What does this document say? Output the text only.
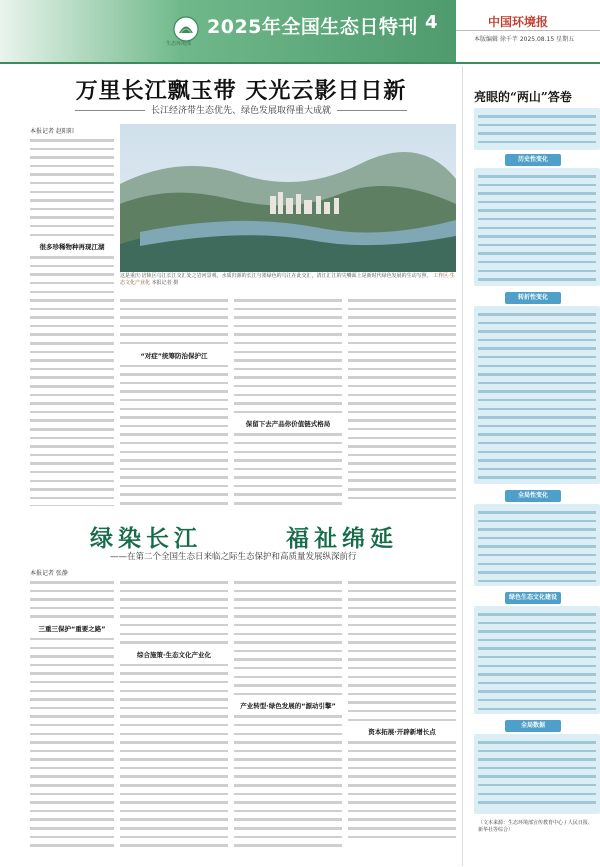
生态环境部
2025年全国生态日特刊 4	中国环境报
本版编辑 徐千芊 2025.08.15 星期五
万里长江飘玉带 天光云影日日新
长江经济带生态优先、绿色发展取得重大成就
本报记者 赵阳阳
很多珍稀物种再现江湖
这是重庆·涪陵区乌江长江交汇处之岩河景观，水质归源的长江与墨绿色的乌江在此交汇，清江汇江的尖嘴面上是新时代绿色发展的生动写照。 工作区·生态文化产业化 本报记者 摄
“对症”统筹防治保护江
保留下去产品你价值链式格局
绿染长江	福祉绵延
——在第二个全国生态日来临之际生态保护和高质量发展纵深前行
本报记者 张静
三重三保护“重要之路”
综合施策·生态文化产业化
产业转型·绿色发展的“源动引擎”
资本拓展·开辟新增长点
亮眼的“两山”答卷
历史性变化
转折性变化
全局性变化
绿色生态文化建设
全局数据
（文本来源：生态环境部宣传教育中心 / 人民日报、新华社等综合）
